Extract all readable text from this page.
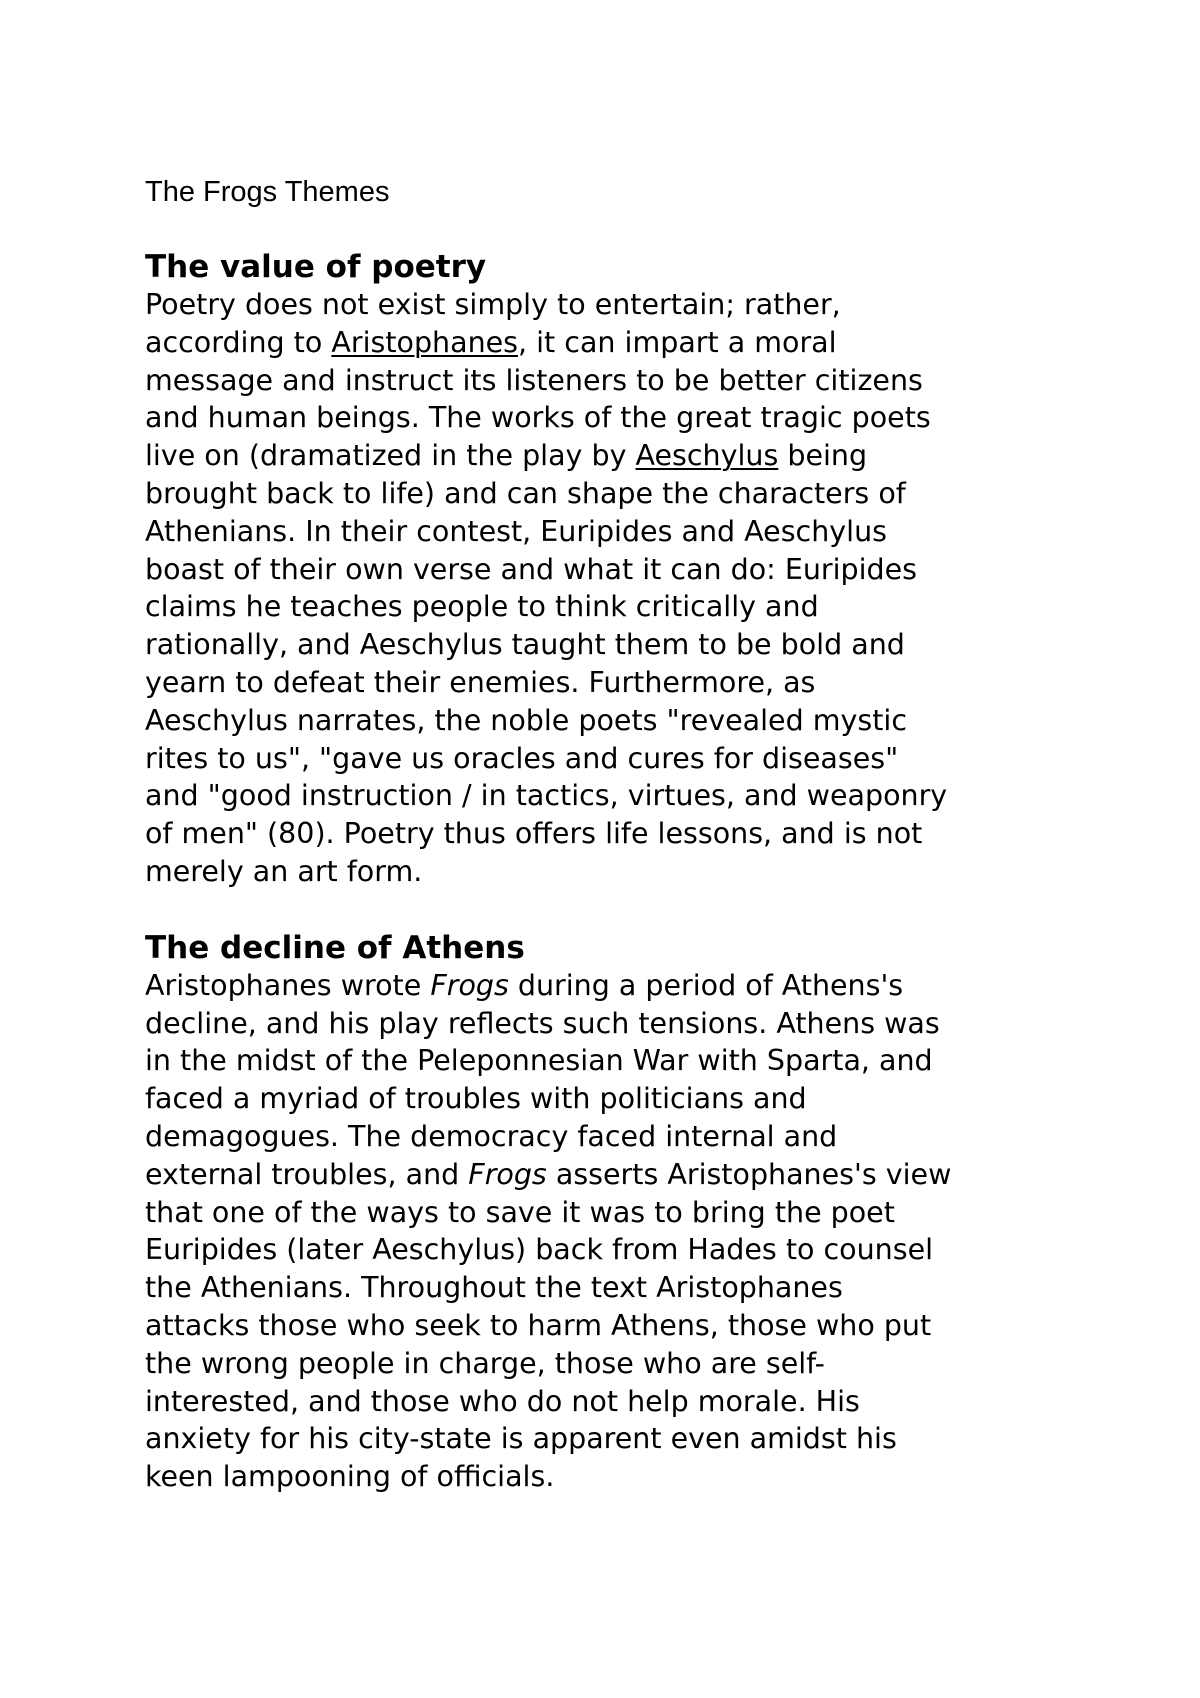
The Frogs Themes
The value of poetry
Poetry does not exist simply to entertain; rather,
according to Aristophanes, it can impart a moral
message and instruct its listeners to be better citizens
and human beings. The works of the great tragic poets
live on (dramatized in the play by Aeschylus being
brought back to life) and can shape the characters of
Athenians. In their contest, Euripides and Aeschylus
boast of their own verse and what it can do: Euripides
claims he teaches people to think critically and
rationally, and Aeschylus taught them to be bold and
yearn to defeat their enemies. Furthermore, as
Aeschylus narrates, the noble poets "revealed mystic
rites to us", "gave us oracles and cures for diseases"
and "good instruction / in tactics, virtues, and weaponry
of men" (80). Poetry thus offers life lessons, and is not
merely an art form.
The decline of Athens
Aristophanes wrote Frogs during a period of Athens's
decline, and his play reflects such tensions. Athens was
in the midst of the Peleponnesian War with Sparta, and
faced a myriad of troubles with politicians and
demagogues. The democracy faced internal and
external troubles, and Frogs asserts Aristophanes's view
that one of the ways to save it was to bring the poet
Euripides (later Aeschylus) back from Hades to counsel
the Athenians. Throughout the text Aristophanes
attacks those who seek to harm Athens, those who put
the wrong people in charge, those who are self-
interested, and those who do not help morale. His
anxiety for his city-state is apparent even amidst his
keen lampooning of officials.
